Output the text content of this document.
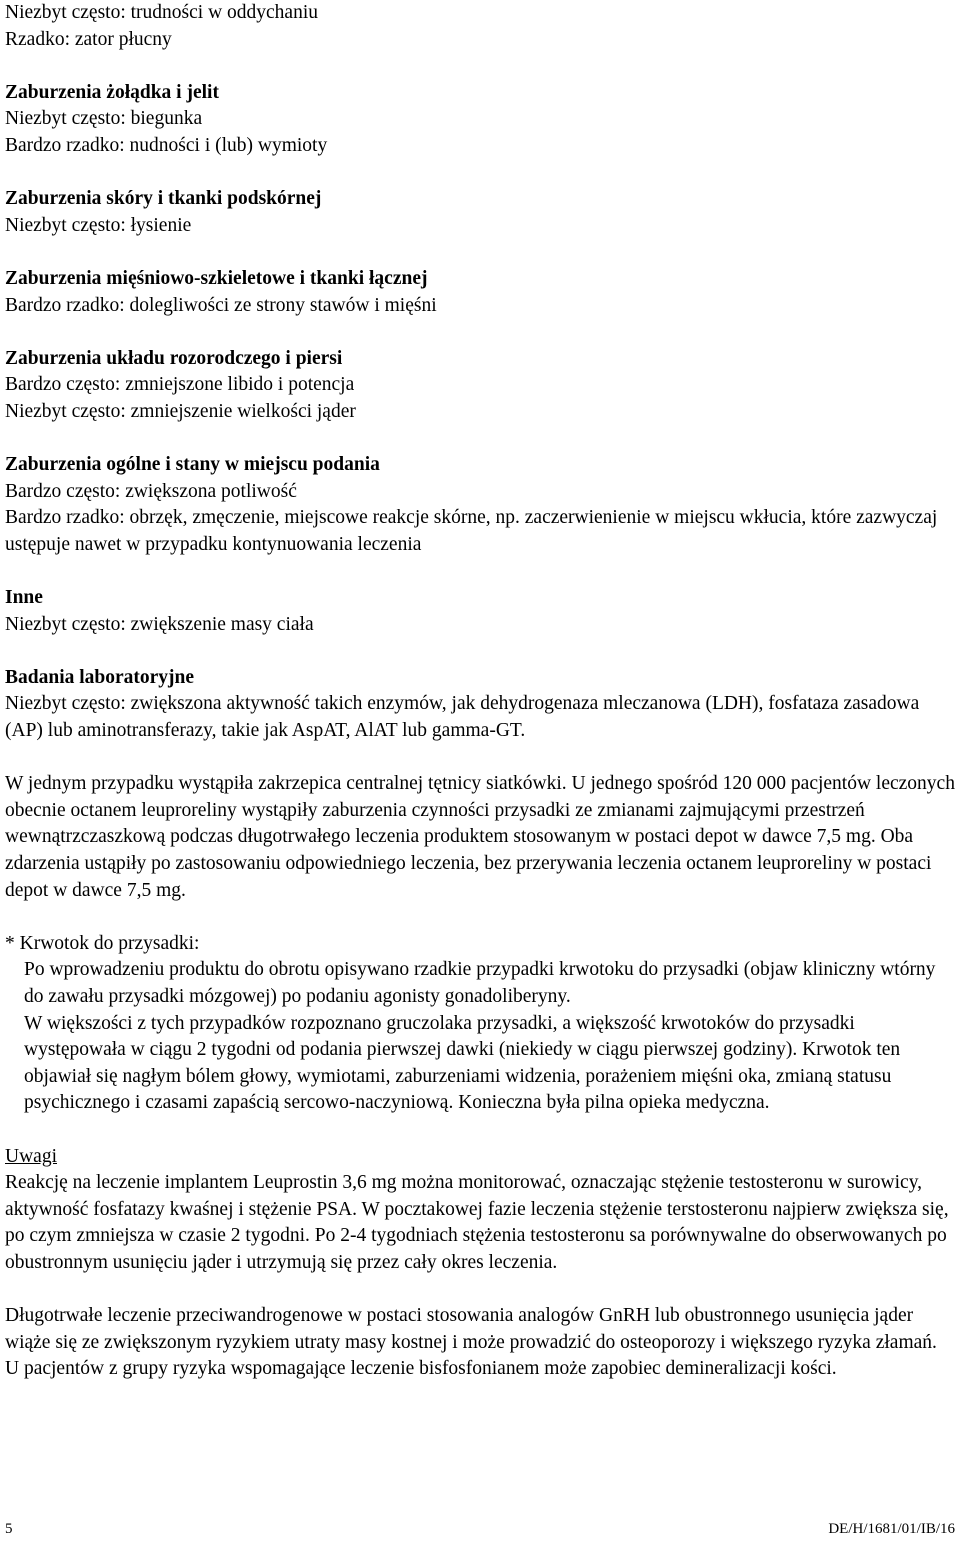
Niezbyt często: trudności w oddychaniu

Rzadko: zator płucny

Zaburzenia żołądka i jelit

Niezbyt często: biegunka

Bardzo rzadko: nudności i (lub) wymioty

Zaburzenia skóry i tkanki podskórnej

Niezbyt często: łysienie

Zaburzenia mięśniowo-szkieletowe i tkanki łącznej

Bardzo rzadko: dolegliwości ze strony stawów i mięśni

Zaburzenia układu rozorodczego i piersi

Bardzo często: zmniejszone libido i potencja

Niezbyt często: zmniejszenie wielkości jąder

Zaburzenia ogólne i stany w miejscu podania

Bardzo często: zwiększona potliwość

Bardzo rzadko: obrzęk, zmęczenie, miejscowe reakcje skórne, np. zaczerwienienie w miejscu wkłucia, które zazwyczaj ustępuje nawet w przypadku kontynuowania leczenia

Inne

Niezbyt często: zwiększenie masy ciała

Badania laboratoryjne

Niezbyt często: zwiększona aktywność takich enzymów, jak dehydrogenaza mleczanowa (LDH), fosfataza zasadowa (AP) lub aminotransferazy, takie jak AspAT, AlAT lub gamma-GT.

W jednym przypadku wystąpiła zakrzepica centralnej tętnicy siatkówki. U jednego spośród 120 000 pacjentów leczonych obecnie octanem leuproreliny wystąpiły zaburzenia czynności przysadki ze zmianami zajmującymi przestrzeń wewnątrzczaszkową podczas długotrwałego leczenia produktem stosowanym w postaci depot w dawce 7,5 mg. Oba zdarzenia ustąpiły po zastosowaniu odpowiedniego leczenia, bez przerywania leczenia octanem leuproreliny w postaci depot w dawce 7,5 mg.

* Krwotok do przysadki:

Po wprowadzeniu produktu do obrotu opisywano rzadkie przypadki krwotoku do przysadki (objaw kliniczny wtórny do zawału przysadki mózgowej) po podaniu agonisty gonadoliberyny.

W większości z tych przypadków rozpoznano gruczolaka przysadki, a większość krwotoków do przysadki występowała w ciągu 2 tygodni od podania pierwszej dawki (niekiedy w ciągu pierwszej godziny). Krwotok ten objawiał się nagłym bólem głowy, wymiotami, zaburzeniami widzenia, porażeniem mięśni oka, zmianą statusu psychicznego i czasami zapaścią sercowo-naczyniową. Konieczna była pilna opieka medyczna.

Uwagi

Reakcję na leczenie implantem Leuprostin 3,6 mg można monitorować, oznaczając stężenie testosteronu w surowicy, aktywność fosfatazy kwaśnej i stężenie PSA. W pocztakowej fazie leczenia stężenie terstosteronu najpierw zwiększa się, po czym zmniejsza w czasie 2 tygodni. Po 2-4 tygodniach stężenia testosteronu sa porównywalne do obserwowanych po obustronnym usunięciu jąder i utrzymują się przez cały okres leczenia.

Długotrwałe leczenie przeciwandrogenowe w postaci stosowania analogów GnRH lub obustronnego usunięcia jąder wiąże się ze zwiększonym ryzykiem utraty masy kostnej i może prowadzić do osteoporozy i większego ryzyka złamań. U pacjentów z grupy ryzyka wspomagające leczenie bisfosfonianem może zapobiec demineralizacji kości.

5	DE/H/1681/01/IB/16
